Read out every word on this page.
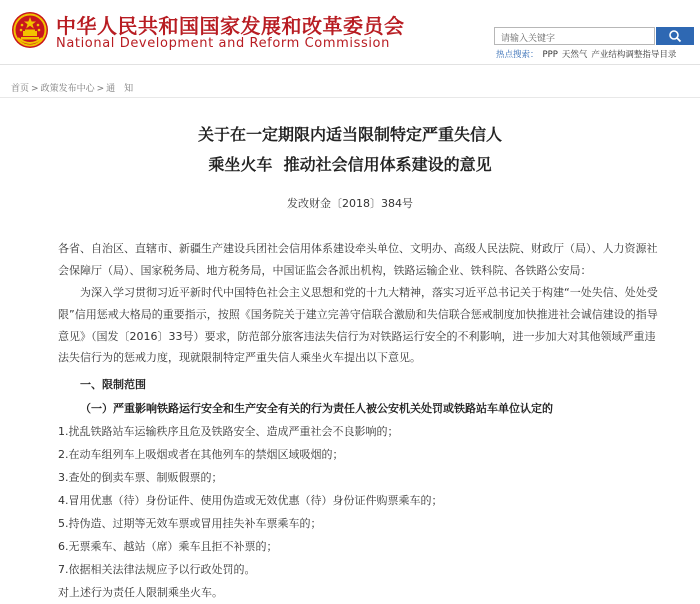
中华人民共和国国家发展和改革委员会
National Development and Reform Commission	请输入关键字
热点搜索： PPP 天然气 产业结构调整指导目录
首页 > 政策发布中心 > 通　知
关于在一定期限内适当限制特定严重失信人
乘坐火车  推动社会信用体系建设的意见
发改财金〔2018〕384号

各省、自治区、直辖市、新疆生产建设兵团社会信用体系建设牵头单位、文明办、高级人民法院、财政厅（局）、人力资源社会保障厅（局）、国家税务局、地方税务局，中国证监会各派出机构，铁路运输企业、铁科院、各铁路公安局：

为深入学习贯彻习近平新时代中国特色社会主义思想和党的十九大精神，落实习近平总书记关于构建“一处失信、处处受限”信用惩戒大格局的重要指示，按照《国务院关于建立完善守信联合激励和失信联合惩戒制度加快推进社会诚信建设的指导意见》（国发〔2016〕33号）要求，防范部分旅客违法失信行为对铁路运行安全的不利影响，进一步加大对其他领域严重违法失信行为的惩戒力度，现就限制特定严重失信人乘坐火车提出以下意见。

一、限制范围
（一）严重影响铁路运行安全和生产安全有关的行为责任人被公安机关处罚或铁路站车单位认定的
1.扰乱铁路站车运输秩序且危及铁路安全、造成严重社会不良影响的；
2.在动车组列车上吸烟或者在其他列车的禁烟区域吸烟的；
3.查处的倒卖车票、制贩假票的；
4.冒用优惠（待）身份证件、使用伪造或无效优惠（待）身份证件购票乘车的；
5.持伪造、过期等无效车票或冒用挂失补车票乘车的；
6.无票乘车、越站（席）乘车且拒不补票的；
7.依据相关法律法规应予以行政处罚的。
对上述行为责任人限制乘坐火车。
